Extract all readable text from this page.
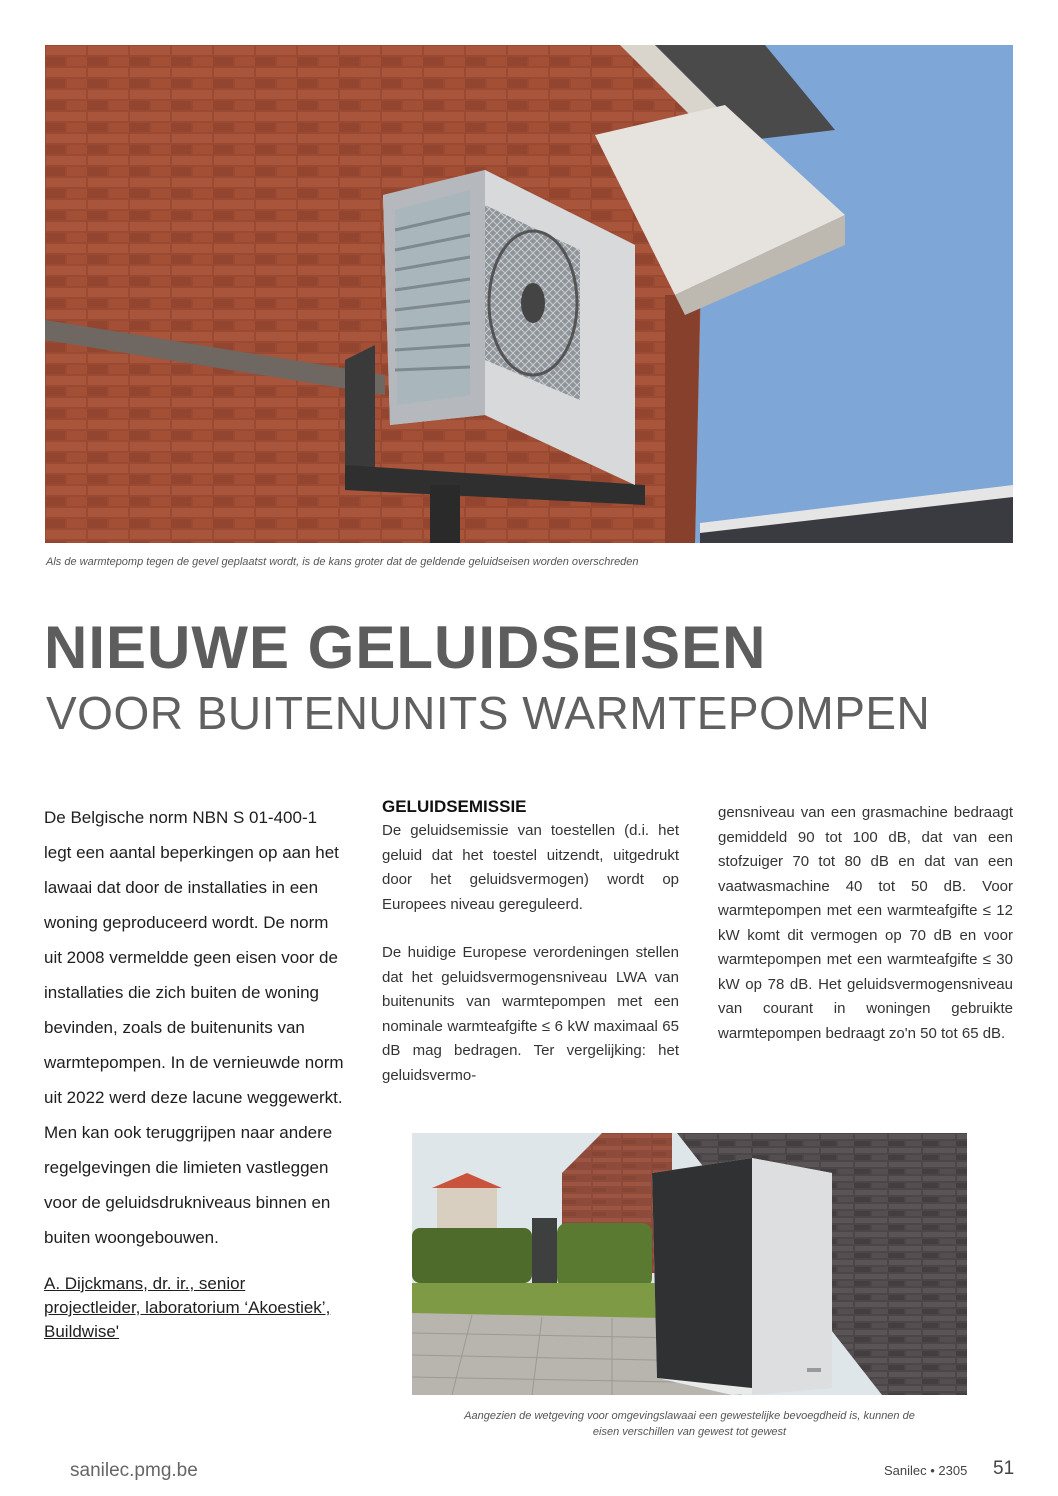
Als de warmtepomp tegen de gevel geplaatst wordt, is de kans groter dat de geldende geluidseisen worden overschreden
NIEUWE GELUIDSEISEN
VOOR BUITENUNITS WARMTEPOMPEN

De Belgische norm NBN S 01-400-1 legt een aantal beperkingen op aan het lawaai dat door de installaties in een woning geproduceerd wordt. De norm uit 2008 vermeldde geen eisen voor de installaties die zich buiten de woning bevinden, zoals de buitenunits van warmtepompen. In de vernieuwde norm uit 2022 werd deze lacune weggewerkt. Men kan ook teruggrijpen naar andere regelgevingen die limieten vastleggen voor de geluidsdrukniveaus binnen en buiten woongebouwen.

A. Dijckmans, dr. ir., senior projectleider, laboratorium ‘Akoestiek’, Buildwise'
GELUIDSEMISSIE

De geluidsemissie van toestellen (d.i. het geluid dat het toestel uitzendt, uitgedrukt door het geluidsvermogen) wordt op Europees niveau gereguleerd.

De huidige Europese verordeningen stellen dat het geluidsvermogensniveau LWA van buitenunits van warmtepompen met een nominale warmteafgifte ≤ 6 kW maximaal 65 dB mag bedragen. Ter vergelijking: het geluidsvermo-

gensniveau van een grasmachine bedraagt gemiddeld 90 tot 100 dB, dat van een stofzuiger 70 tot 80 dB en dat van een vaatwasmachine 40 tot 50 dB. Voor warmtepompen met een warmteafgifte ≤ 12 kW komt dit vermogen op 70 dB en voor warmtepompen met een warmteafgifte ≤ 30 kW op 78 dB. Het geluidsvermogensniveau van courant in woningen gebruikte warmtepompen bedraagt zo'n 50 tot 65 dB.

Aangezien de wetgeving voor omgevingslawaai een gewestelijke bevoegdheid is, kunnen de
eisen verschillen van gewest tot gewest
sanilec.pmg.be	Sanilec • 2305 51
